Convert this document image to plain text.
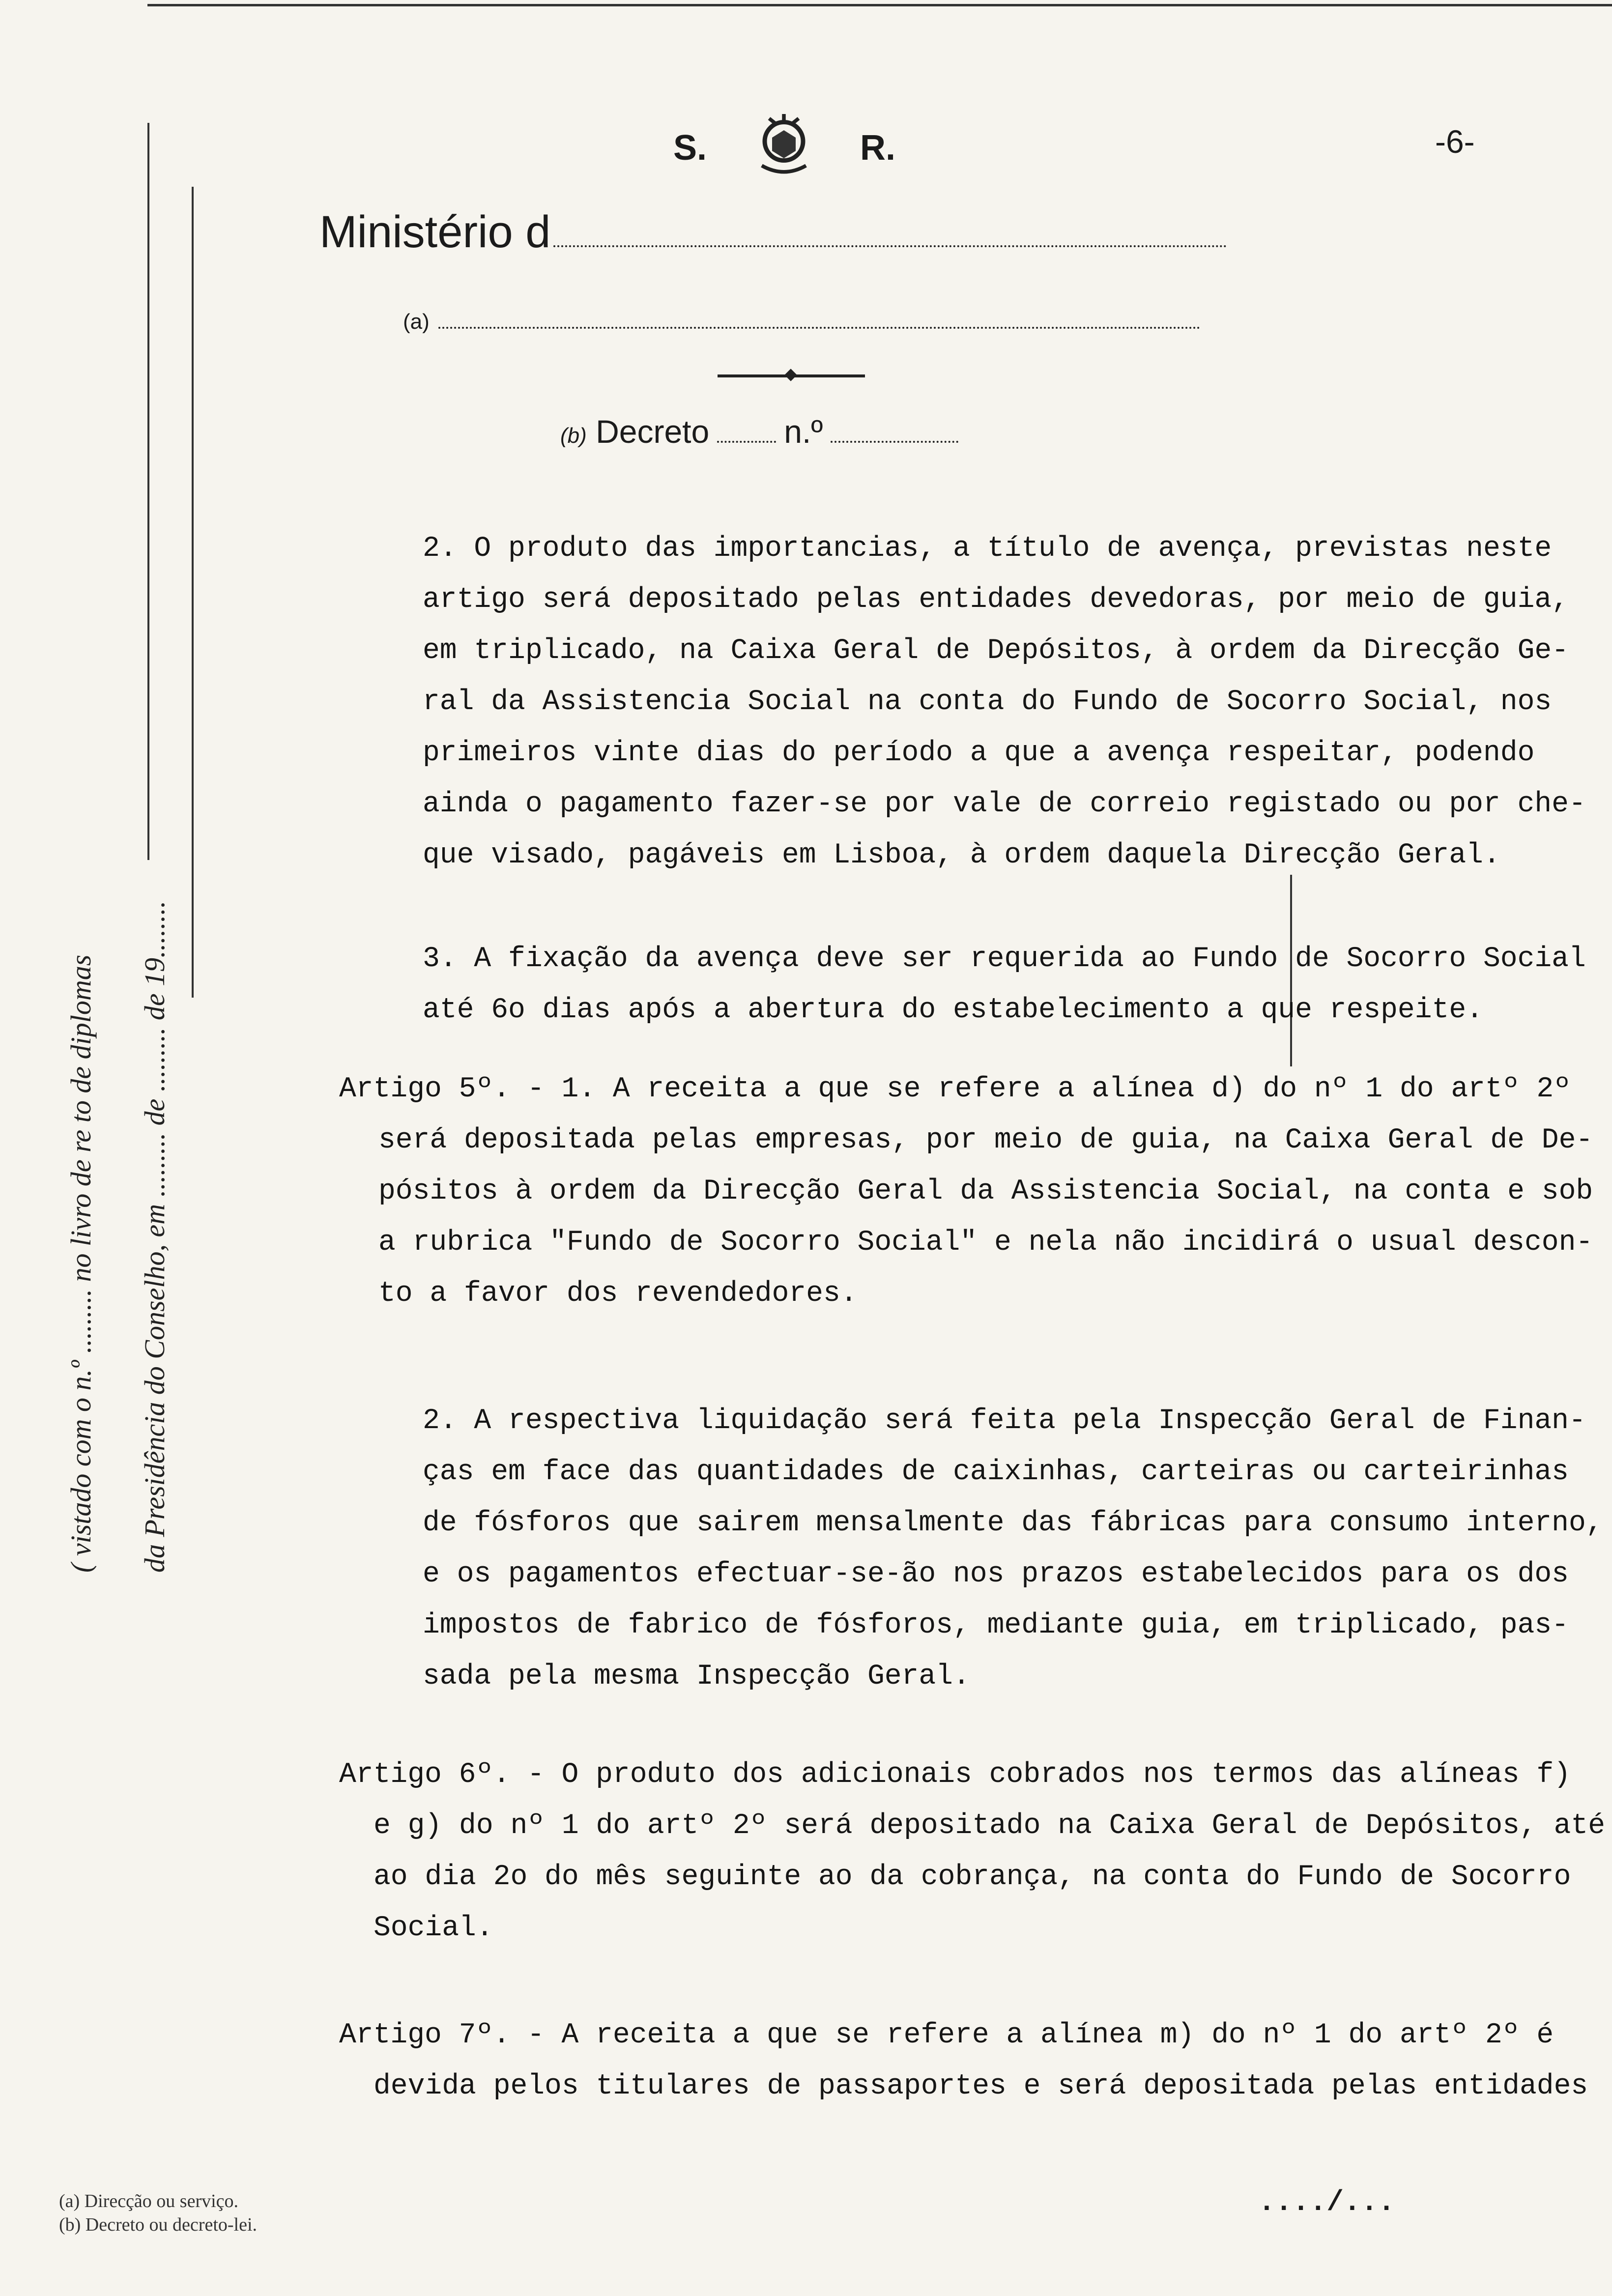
S.	R.	-6-
Ministério d
(a)
(b) Decreto n.º
( vistado com o n.º ......... no livro de re to de diplomas	da Presidência do Conselho, em ......... de ......... de 19........
2. O produto das importancias, a título de avença, previstas neste
artigo será depositado pelas entidades devedoras, por meio de guia,
em triplicado, na Caixa Geral de Depósitos, à ordem da Direcção Ge-
ral da Assistencia Social na conta do Fundo de Socorro Social, nos
primeiros vinte dias do período a que a avença respeitar, podendo
ainda o pagamento fazer-se por vale de correio registado ou por che-
que visado, pagáveis em Lisboa, à ordem daquela Direcção Geral.
3. A fixação da avença deve ser requerida ao Fundo de Socorro Social
até 6o dias após a abertura do estabelecimento a que respeite.
Artigo 5º. - 1. A receita a que se refere a alínea d) do nº 1 do artº 2º
será depositada pelas empresas, por meio de guia, na Caixa Geral de De-
pósitos à ordem da Direcção Geral da Assistencia Social, na conta e sob
a rubrica "Fundo de Socorro Social" e nela não incidirá o usual descon-
to a favor dos revendedores.
2. A respectiva liquidação será feita pela Inspecção Geral de Finan-
ças em face das quantidades de caixinhas, carteiras ou carteirinhas
de fósforos que sairem mensalmente das fábricas para consumo interno,
e os pagamentos efectuar-se-ão nos prazos estabelecidos para os dos
impostos de fabrico de fósforos, mediante guia, em triplicado, pas-
sada pela mesma Inspecção Geral.
Artigo 6º. - O produto dos adicionais cobrados nos termos das alíneas f)
e g) do nº 1 do artº 2º será depositado na Caixa Geral de Depósitos, até
ao dia 2o do mês seguinte ao da cobrança, na conta do Fundo de Socorro
Social.
Artigo 7º. - A receita a que se refere a alínea m) do nº 1 do artº 2º é
devida pelos titulares de passaportes e será depositada pelas entidades
(a) Direcção ou serviço.
(b) Decreto ou decreto-lei.
..../...
